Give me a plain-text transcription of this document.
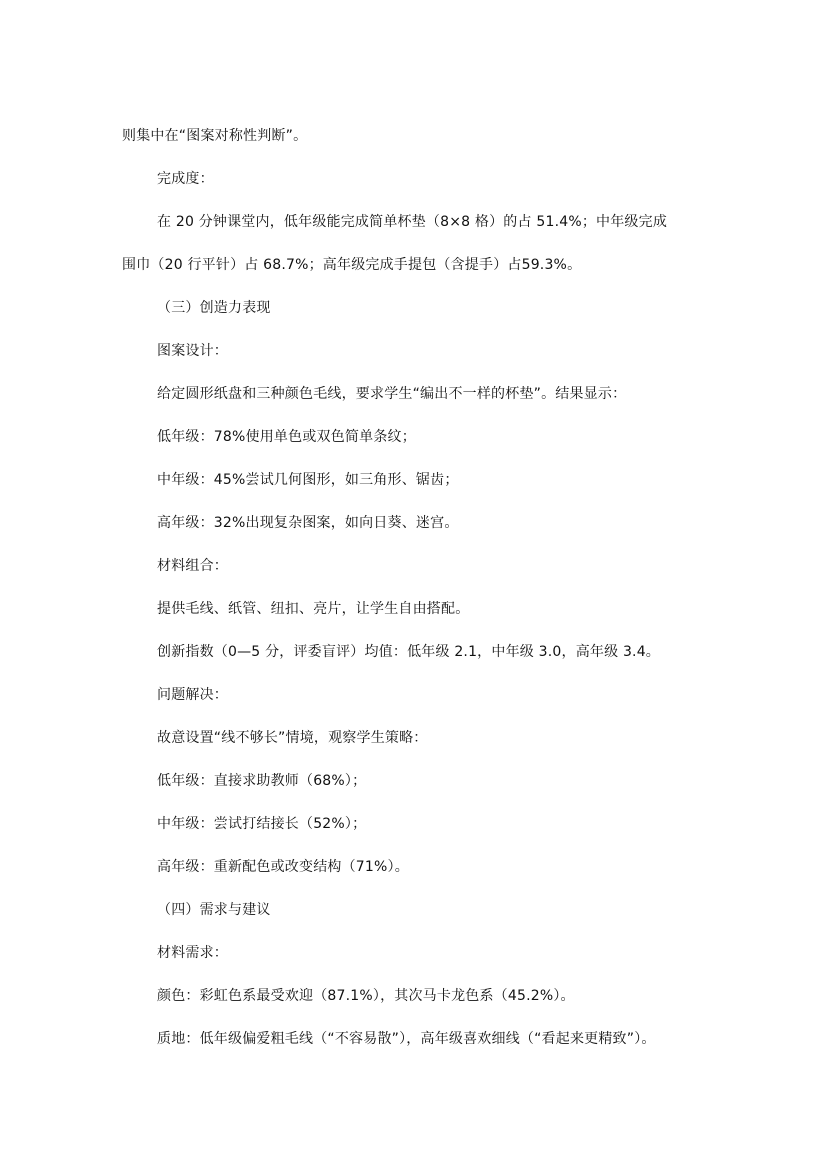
则集中在“图案对称性判断”。

完成度：

在 20 分钟课堂内，低年级能完成简单杯垫（8×8 格）的占 51.4%；中年级完成

围巾（20 行平针）占 68.7%；高年级完成手提包（含提手）占59.3%。

（三）创造力表现

图案设计：

给定圆形纸盘和三种颜色毛线，要求学生“编出不一样的杯垫”。结果显示：

低年级：78%使用单色或双色简单条纹；

中年级：45%尝试几何图形，如三角形、锯齿；

高年级：32%出现复杂图案，如向日葵、迷宫。

材料组合：

提供毛线、纸管、纽扣、亮片，让学生自由搭配。

创新指数（0—5 分，评委盲评）均值：低年级 2.1，中年级 3.0，高年级 3.4。

问题解决：

故意设置“线不够长”情境，观察学生策略：

低年级：直接求助教师（68%）；

中年级：尝试打结接长（52%）；

高年级：重新配色或改变结构（71%）。

（四）需求与建议

材料需求：

颜色：彩虹色系最受欢迎（87.1%），其次马卡龙色系（45.2%）。

质地：低年级偏爱粗毛线（“不容易散”），高年级喜欢细线（“看起来更精致”）。
